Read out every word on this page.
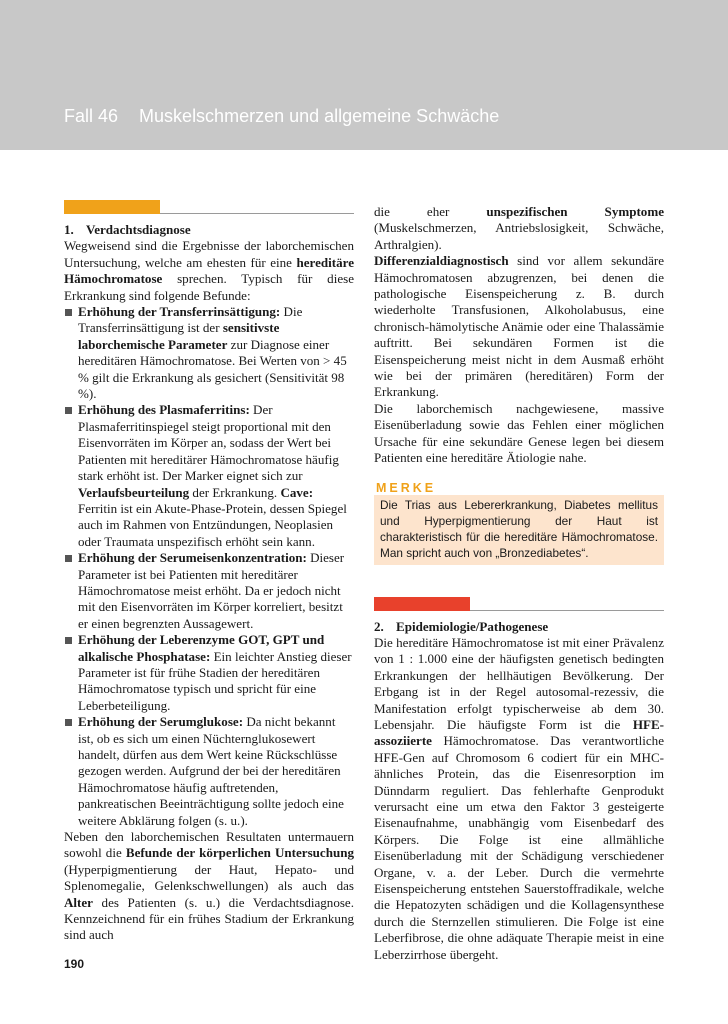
Fall 46 Muskelschmerzen und allgemeine Schwäche
1. Verdachtsdiagnose

Wegweisend sind die Ergebnisse der laborchemischen Untersuchung, welche am ehesten für eine hereditäre Hämochromatose sprechen. Typisch für diese Erkrankung sind folgende Befunde:

Erhöhung der Transferrinsättigung: Die Transferrinsättigung ist der sensitivste laborchemische Parameter zur Diagnose einer hereditären Hämochromatose. Bei Werten von > 45 % gilt die Erkrankung als gesichert (Sensitivität 98 %).
Erhöhung des Plasmaferritins: Der Plasmaferritinspiegel steigt proportional mit den Eisenvorräten im Körper an, sodass der Wert bei Patienten mit hereditärer Hämochromatose häufig stark erhöht ist. Der Marker eignet sich zur Verlaufsbeurteilung der Erkrankung. Cave: Ferritin ist ein Akute-Phase-Protein, dessen Spiegel auch im Rahmen von Entzündungen, Neoplasien oder Traumata unspezifisch erhöht sein kann.
Erhöhung der Serumeisenkonzentration: Dieser Parameter ist bei Patienten mit hereditärer Hämochromatose meist erhöht. Da er jedoch nicht mit den Eisenvorräten im Körper korreliert, besitzt er einen begrenzten Aussagewert.
Erhöhung der Leberenzyme GOT, GPT und alkalische Phosphatase: Ein leichter Anstieg dieser Parameter ist für frühe Stadien der hereditären Hämochromatose typisch und spricht für eine Leberbeteiligung.
Erhöhung der Serumglukose: Da nicht bekannt ist, ob es sich um einen Nüchternglukosewert handelt, dürfen aus dem Wert keine Rückschlüsse gezogen werden. Aufgrund der bei der hereditären Hämochromatose häufig auftretenden, pankreatischen Beeinträchtigung sollte jedoch eine weitere Abklärung folgen (s. u.).

Neben den laborchemischen Resultaten untermauern sowohl die Befunde der körperlichen Untersuchung (Hyperpigmentierung der Haut, Hepato- und Splenomegalie, Gelenkschwellungen) als auch das Alter des Patienten (s. u.) die Verdachtsdiagnose. Kennzeichnend für ein frühes Stadium der Erkrankung sind auch

die eher unspezifischen Symptome (Muskelschmerzen, Antriebslosigkeit, Schwäche, Arthralgien).

Differenzialdiagnostisch sind vor allem sekundäre Hämochromatosen abzugrenzen, bei denen die pathologische Eisenspeicherung z. B. durch wiederholte Transfusionen, Alkoholabusus, eine chronisch-hämolytische Anämie oder eine Thalassämie auftritt. Bei sekundären Formen ist die Eisenspeicherung meist nicht in dem Ausmaß erhöht wie bei der primären (hereditären) Form der Erkrankung.

Die laborchemisch nachgewiesene, massive Eisenüberladung sowie das Fehlen einer möglichen Ursache für eine sekundäre Genese legen bei diesem Patienten eine hereditäre Ätiologie nahe.

MERKE
Die Trias aus Lebererkrankung, Diabetes mellitus und Hyperpigmentierung der Haut ist charakteristisch für die hereditäre Hämochromatose. Man spricht auch von „Bronzediabetes“.
2. Epidemiologie/Pathogenese

Die hereditäre Hämochromatose ist mit einer Prävalenz von 1 : 1.000 eine der häufigsten genetisch bedingten Erkrankungen der hellhäutigen Bevölkerung. Der Erbgang ist in der Regel autosomal-rezessiv, die Manifestation erfolgt typischerweise ab dem 30. Lebensjahr. Die häufigste Form ist die HFE-assoziierte Hämochromatose. Das verantwortliche HFE-Gen auf Chromosom 6 codiert für ein MHC-ähnliches Protein, das die Eisenresorption im Dünndarm reguliert. Das fehlerhafte Genprodukt verursacht eine um etwa den Faktor 3 gesteigerte Eisenaufnahme, unabhängig vom Eisenbedarf des Körpers. Die Folge ist eine allmähliche Eisenüberladung mit der Schädigung verschiedener Organe, v. a. der Leber. Durch die vermehrte Eisenspeicherung entstehen Sauerstoffradikale, welche die Hepatozyten schädigen und die Kollagensynthese durch die Sternzellen stimulieren. Die Folge ist eine Leberfibrose, die ohne adäquate Therapie meist in eine Leberzirrhose übergeht.

190
